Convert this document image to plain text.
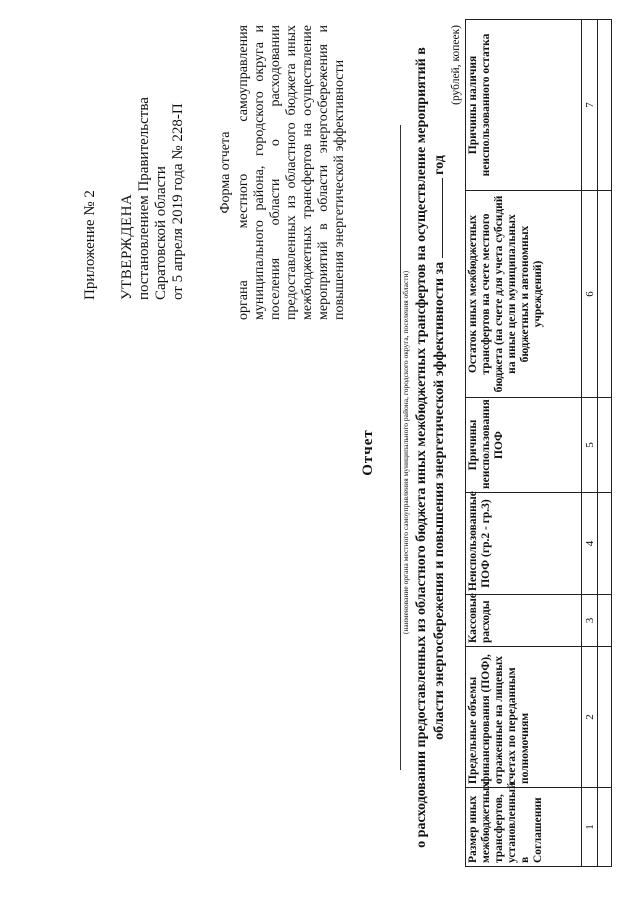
Приложение № 2 УТВЕРЖДЕНА постановлением Правительства Саратовской области от 5 апреля 2019 года № 228-П Форма отчета органа местного самоуправления муниципального района, городского округа и поселения области о расходовании предоставленных из областного бюджета иных межбюджетных трансфертов на осуществление мероприятий в области энергосбережения и повышения энергетической эффективности
Отчет	(наименование органа местного самоуправления муниципального района, городского округа, поселения области) о расходовании предоставленных из областного бюджета иных межбюджетных трансфертов на осуществление мероприятий в области энергосбережения и повышения энергетической эффективности за  год
(рублей, копеек)
Размер иных межбюджетных трансфертов, установленный в Соглашении	Предельные объемы финансирования (ПОФ), отраженные на лицевых счетах по переданным полномочиям	Кассовые расходы	Неиспользованные ПОФ (гр.2 - гр.3)	Причины неиспользования ПОФ	Остаток иных межбюджетных трансфертов на счете местного бюджета (на счете для учета субсидий на иные цели муниципальных бюджетных и автономных учреждений)	Причины наличия неиспользованного остатка
1	2	3	4	5	6	7
